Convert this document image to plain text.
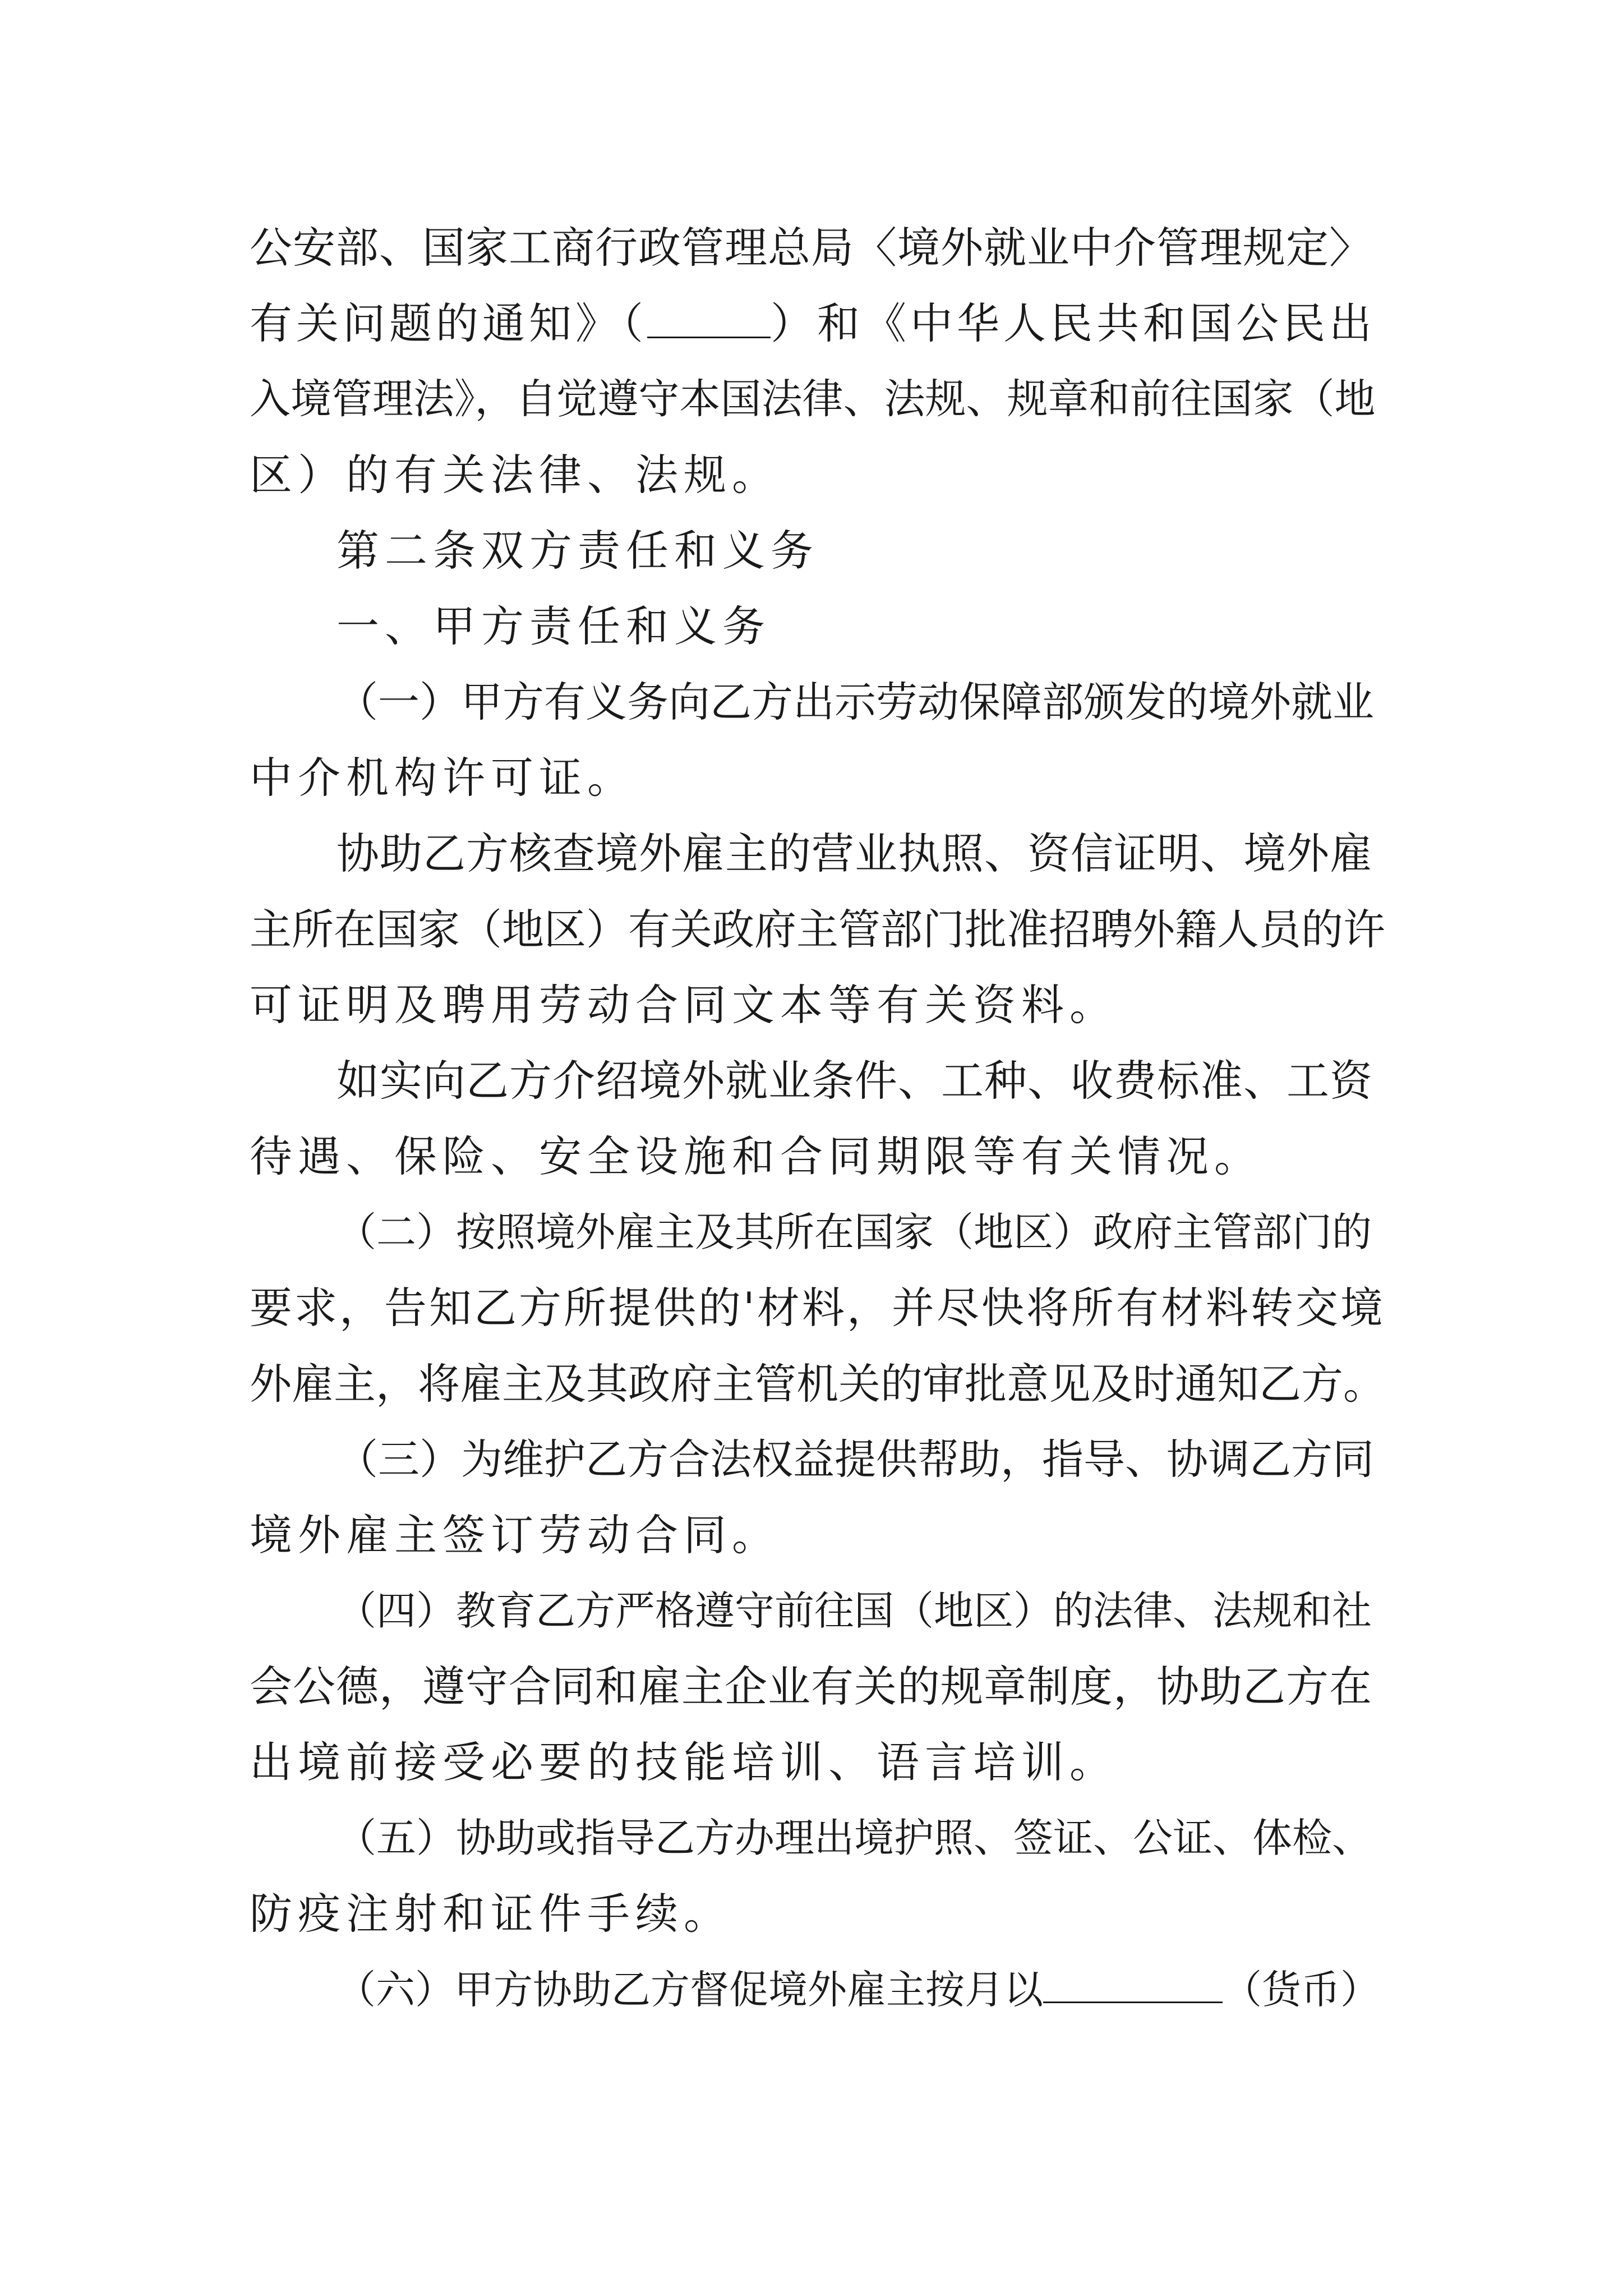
公安部、国家工商行政管理总局〈境外就业中介管理规定〉
有关问题的通知》（	）和《中华人民共和国公民出
入境管理法》，自觉遵守本国法律、法规、规章和前往国家（地
区）的有关法律、法规。
第二条双方责任和义务
一、甲方责任和义务
（一）甲方有义务向乙方出示劳动保障部颁发的境外就业
中介机构许可证。
协助乙方核查境外雇主的营业执照、资信证明、境外雇
主所在国家（地区）有关政府主管部门批准招聘外籍人员的许
可证明及聘用劳动合同文本等有关资料。
如实向乙方介绍境外就业条件、工种、收费标准、工资
待遇、保险、安全设施和合同期限等有关情况。
（二）按照境外雇主及其所在国家（地区）政府主管部门的
要求，告知乙方所提供的'材料，并尽快将所有材料转交境
外雇主，将雇主及其政府主管机关的审批意见及时通知乙方。
（三）为维护乙方合法权益提供帮助，指导、协调乙方同
境外雇主签订劳动合同。
（四）教育乙方严格遵守前往国（地区）的法律、法规和社
会公德，遵守合同和雇主企业有关的规章制度，协助乙方在
出境前接受必要的技能培训、语言培训。
（五）协助或指导乙方办理出境护照、签证、公证、体检、
防疫注射和证件手续。
（六）甲方协助乙方督促境外雇主按月以	（货币）
